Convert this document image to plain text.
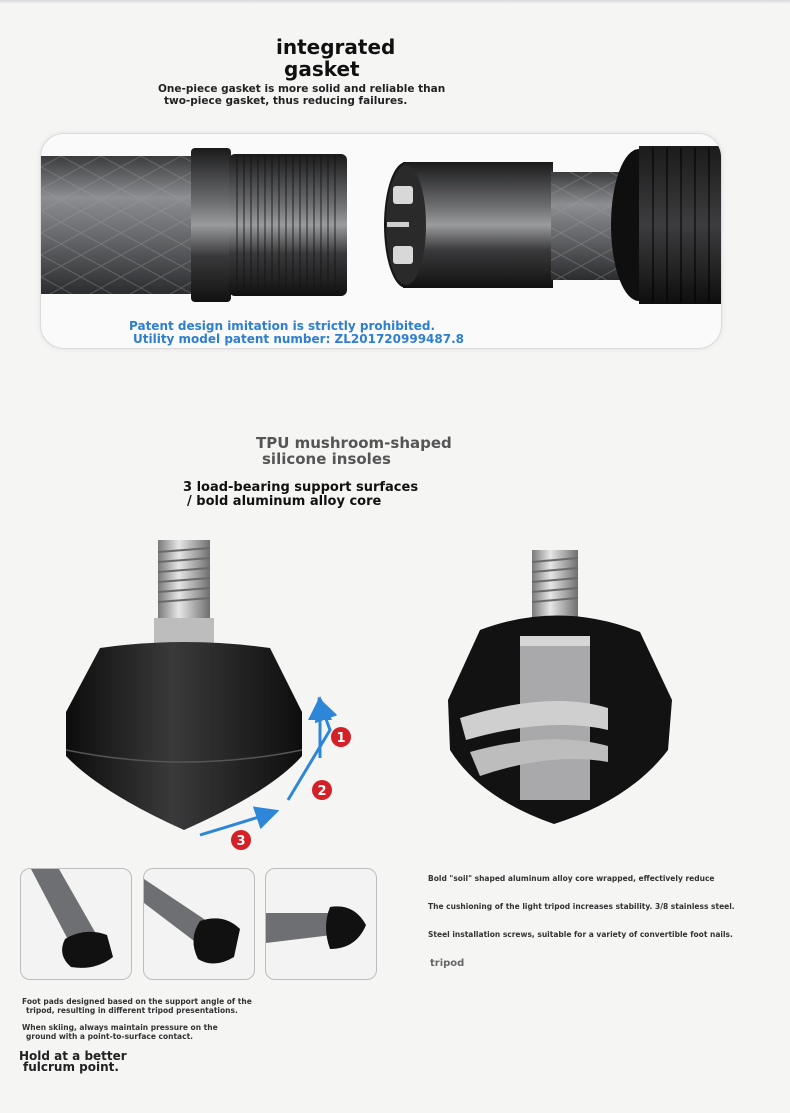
integrated
gasket
One-piece gasket is more solid and reliable than
two-piece gasket, thus reducing failures.
Patent design imitation is strictly prohibited.
Utility model patent number: ZL201720999487.8
TPU mushroom-shaped
silicone insoles
3 load-bearing support surfaces
/ bold aluminum alloy core
1
2
3
Bold "soil" shaped aluminum alloy core wrapped, effectively reduce
The cushioning of the light tripod increases stability. 3/8 stainless steel.
Steel installation screws, suitable for a variety of convertible foot nails.
tripod
Foot pads designed based on the support angle of the
tripod, resulting in different tripod presentations.
When skiing, always maintain pressure on the
ground with a point-to-surface contact.
Hold at a better
fulcrum point.
